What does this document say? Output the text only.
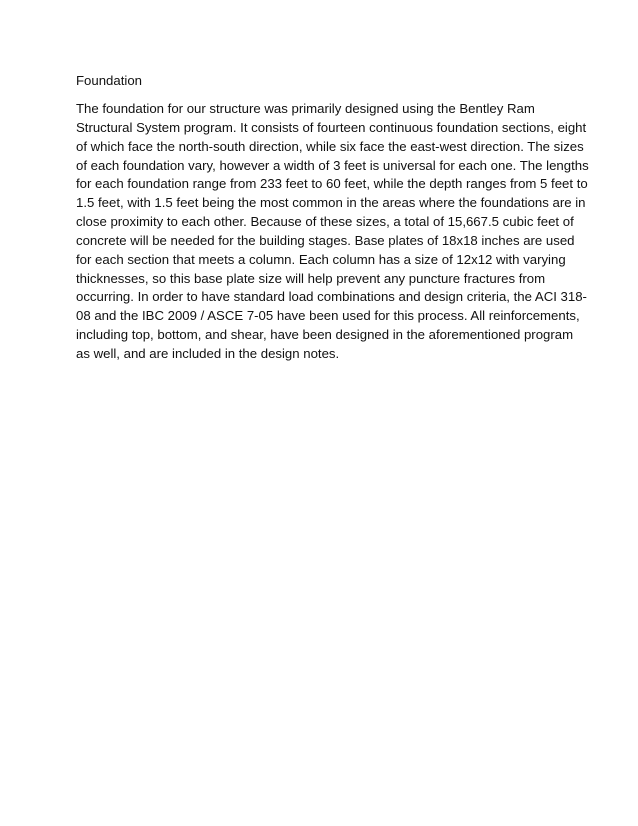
Foundation

The foundation for our structure was primarily designed using the Bentley Ram
Structural System program. It consists of fourteen continuous foundation sections, eight
of which face the north-south direction, while six face the east-west direction. The sizes
of each foundation vary, however a width of 3 feet is universal for each one. The lengths
for each foundation range from 233 feet to 60 feet, while the depth ranges from 5 feet to
1.5 feet, with 1.5 feet being the most common in the areas where the foundations are in
close proximity to each other. Because of these sizes, a total of 15,667.5 cubic feet of
concrete will be needed for the building stages. Base plates of 18x18 inches are used
for each section that meets a column. Each column has a size of 12x12 with varying
thicknesses, so this base plate size will help prevent any puncture fractures from
occurring. In order to have standard load combinations and design criteria, the ACI 318-
08 and the IBC 2009 / ASCE 7-05 have been used for this process. All reinforcements,
including top, bottom, and shear, have been designed in the aforementioned program
as well, and are included in the design notes.
